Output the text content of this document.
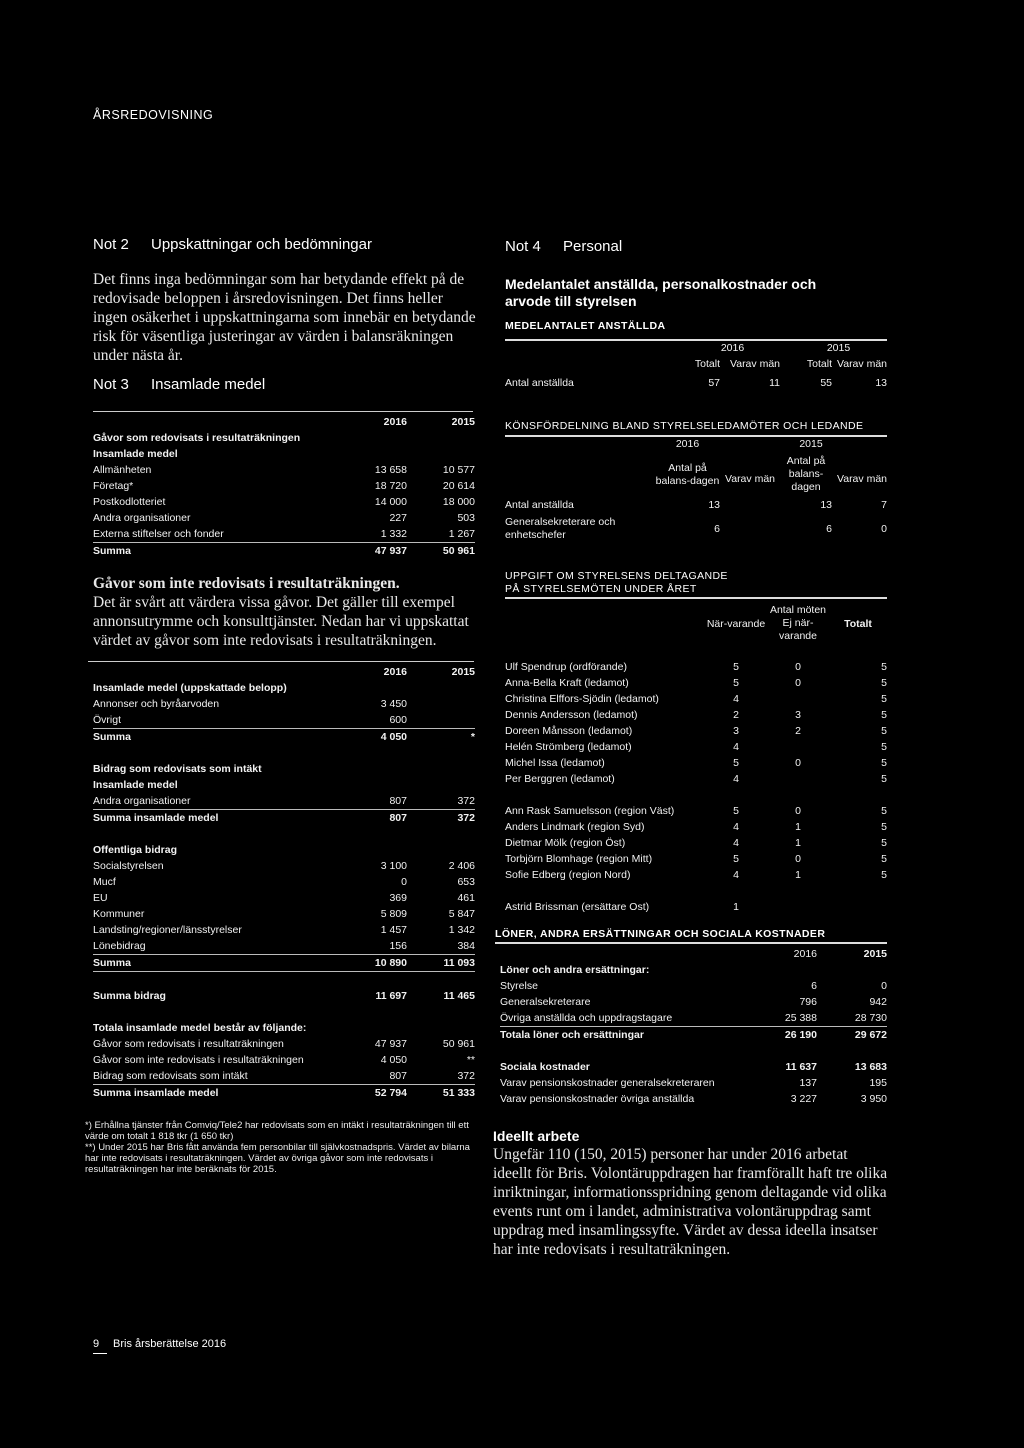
ÅRSREDOVISNING
Not 2 Uppskattningar och bedömningar
Det finns inga bedömningar som har betydande effekt på de redovisade beloppen i årsredovisningen. Det finns heller ingen osäkerhet i uppskattningarna som innebär en betydande risk för väsentliga justeringar av värden i balansräkningen under nästa år.
Not 3 Insamlade medel
	2016	2015
Gåvor som redovisats i resultaträkningen		
Insamlade medel		
Allmänheten	13 658	10 577
Företag*	18 720	20 614
Postkodlotteriet	14 000	18 000
Andra organisationer	227	503
Externa stiftelser och fonder	1 332	1 267
Summa	47 937	50 961
Gåvor som inte redovisats i resultaträkningen.
Det är svårt att värdera vissa gåvor. Det gäller till exempel annonsutrymme och konsulttjänster. Nedan har vi uppskattat värdet av gåvor som inte redovisats i resultaträkningen.
	2016	2015
Insamlade medel (uppskattade belopp)		
Annonser och byråarvoden	3 450	
Övrigt	600	
Summa	4 050	*

Bidrag som redovisats som intäkt		
Insamlade medel		
Andra organisationer	807	372
Summa insamlade medel	807	372

Offentliga bidrag		
Socialstyrelsen	3 100	2 406
Mucf	0	653
EU	369	461
Kommuner	5 809	5 847
Landsting/regioner/länsstyrelser	1 457	1 342
Lönebidrag	156	384
Summa	10 890	11 093

Summa bidrag	11 697	11 465

Totala insamlade medel består av följande:		
Gåvor som redovisats i resultaträkningen	47 937	50 961
Gåvor som inte redovisats i resultaträkningen	4 050	**
Bidrag som redovisats som intäkt	807	372
Summa insamlade medel	52 794	51 333
*) Erhållna tjänster från Comviq/Tele2 har redovisats som en intäkt i resultaträkningen till ett värde om totalt 1 818 tkr (1 650 tkr)
**) Under 2015 har Bris fått använda fem personbilar till självkostnadspris. Värdet av bilarna har inte redovisats i resultaträkningen. Värdet av övriga gåvor som inte redovisats i resultaträkningen har inte beräknats för 2015.
Not 4 Personal
Medelantalet anställda, personalkostnader och arvode till styrelsen
MEDELANTALET ANSTÄLLDA
	2016		2015	
	Totalt	Varav män	Totalt	Varav män
Antal anställda	57	11	55	13
KÖNSFÖRDELNING BLAND STYRELSELEDAMÖTER OCH LEDANDE
	2016		2015	
	Antal på balans-dagen	Varav män	Antal på balans-dagen	Varav män
Antal anställda	13		13	7
Generalsekreterare och enhetschefer	6		6	0
UPPGIFT OM STYRELSENS DELTAGANDE PÅ STYRELSEMÖTEN UNDER ÅRET
	När-varande	Antal möten Ej när-varande	Totalt

Ulf Spendrup (ordförande)	5	0	5
Anna-Bella Kraft (ledamot)	5	0	5
Christina Elffors-Sjödin (ledamot)	4		5
Dennis Andersson (ledamot)	2	3	5
Doreen Månsson (ledamot)	3	2	5
Helén Strömberg (ledamot)	4		5
Michel Issa (ledamot)	5	0	5
Per Berggren (ledamot)	4		5

Ann Rask Samuelsson (region Väst)	5	0	5
Anders Lindmark (region Syd)	4	1	5
Dietmar Mölk (region Öst)	4	1	5
Torbjörn Blomhage (region Mitt)	5	0	5
Sofie Edberg (region Nord)	4	1	5

Astrid Brissman (ersättare Ost)	1		
LÖNER, ANDRA ERSÄTTNINGAR OCH SOCIALA KOSTNADER
	2016	2015
Löner och andra ersättningar:		
Styrelse	6	0
Generalsekreterare	796	942
Övriga anställda och uppdragstagare	25 388	28 730
Totala löner och ersättningar	26 190	29 672

Sociala kostnader	11 637	13 683
Varav pensionskostnader generalsekreteraren	137	195
Varav pensionskostnader övriga anställda	3 227	3 950
Ideellt arbete
Ungefär 110 (150, 2015) personer har under 2016 arbetat ideellt för Bris. Volontäruppdragen har framförallt haft tre olika inriktningar, informationsspridning genom deltagande vid olika events runt om i landet, administrativa volontäruppdrag samt uppdrag med insamlingssyfte. Värdet av dessa ideella insatser har inte redovisats i resultaträkningen.
9 Bris årsberättelse 2016
